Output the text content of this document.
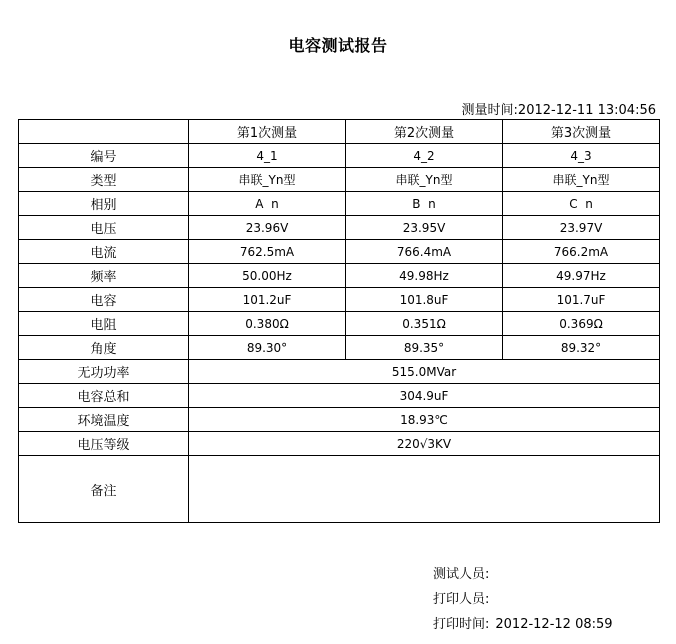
电容测试报告
测量时间:2012-12-11 13:04:56
	第1次测量	第2次测量	第3次测量
编号	4_1	4_2	4_3
类型	串联_Yn型	串联_Yn型	串联_Yn型
相别	A  n	B  n	C  n
电压	23.96V	23.95V	23.97V
电流	762.5mA	766.4mA	766.2mA
频率	50.00Hz	49.98Hz	49.97Hz
电容	101.2uF	101.8uF	101.7uF
电阻	0.380Ω	0.351Ω	0.369Ω
角度	89.30°	89.35°	89.32°
无功功率	515.0MVar		
电容总和	304.9uF		
环境温度	18.93℃		
电压等级	220√3KV		
备注			
测试人员:
打印人员:
打印时间: 2012-12-12 08:59
